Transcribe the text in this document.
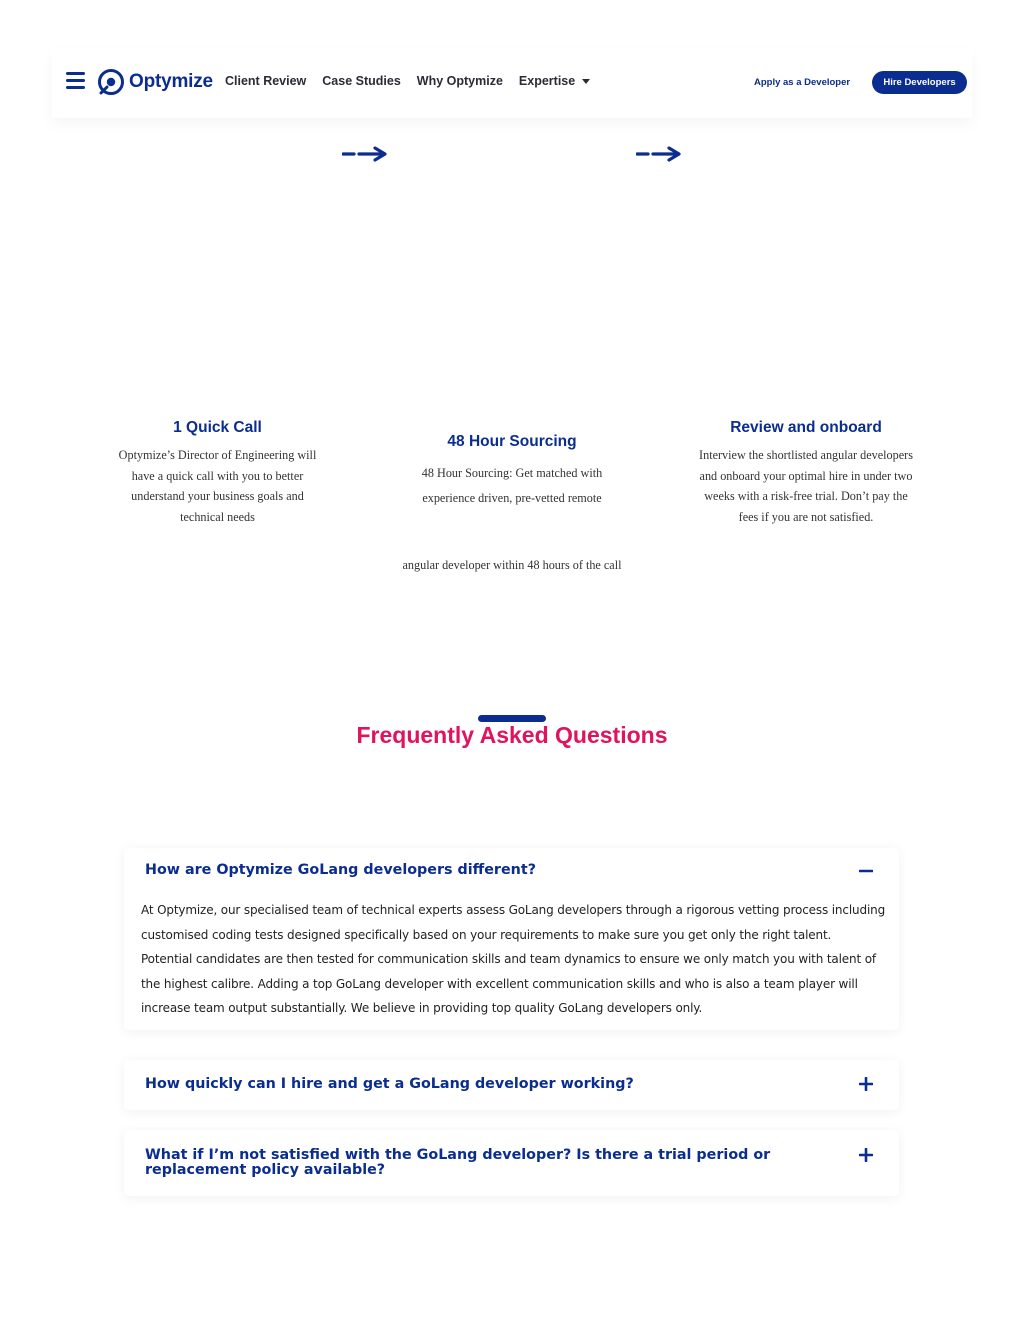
Optymize Client Review Case Studies Why Optymize Expertise	Apply as a Developer	Hire Developers
1 Quick Call
Optymize’s Director of Engineering will have a quick call with you to better understand your business goals and technical needs
48 Hour Sourcing
48 Hour Sourcing: Get matched with experience driven, pre-vetted remote
angular developer within 48 hours of the call
Review and onboard
Interview the shortlisted angular developers and onboard your optimal hire in under two weeks with a risk-free trial. Don’t pay the fees if you are not satisfied.
Frequently Asked Questions
How are Optymize GoLang developers different?
At Optymize, our specialised team of technical experts assess GoLang developers through a rigorous vetting process including customised coding tests designed specifically based on your requirements to make sure you get only the right talent. Potential candidates are then tested for communication skills and team dynamics to ensure we only match you with talent of the highest calibre. Adding a top GoLang developer with excellent communication skills and who is also a team player will increase team output substantially. We believe in providing top quality GoLang developers only.
How quickly can I hire and get a GoLang developer working?
What if I’m not satisfied with the GoLang developer? Is there a trial period or replacement policy available?
